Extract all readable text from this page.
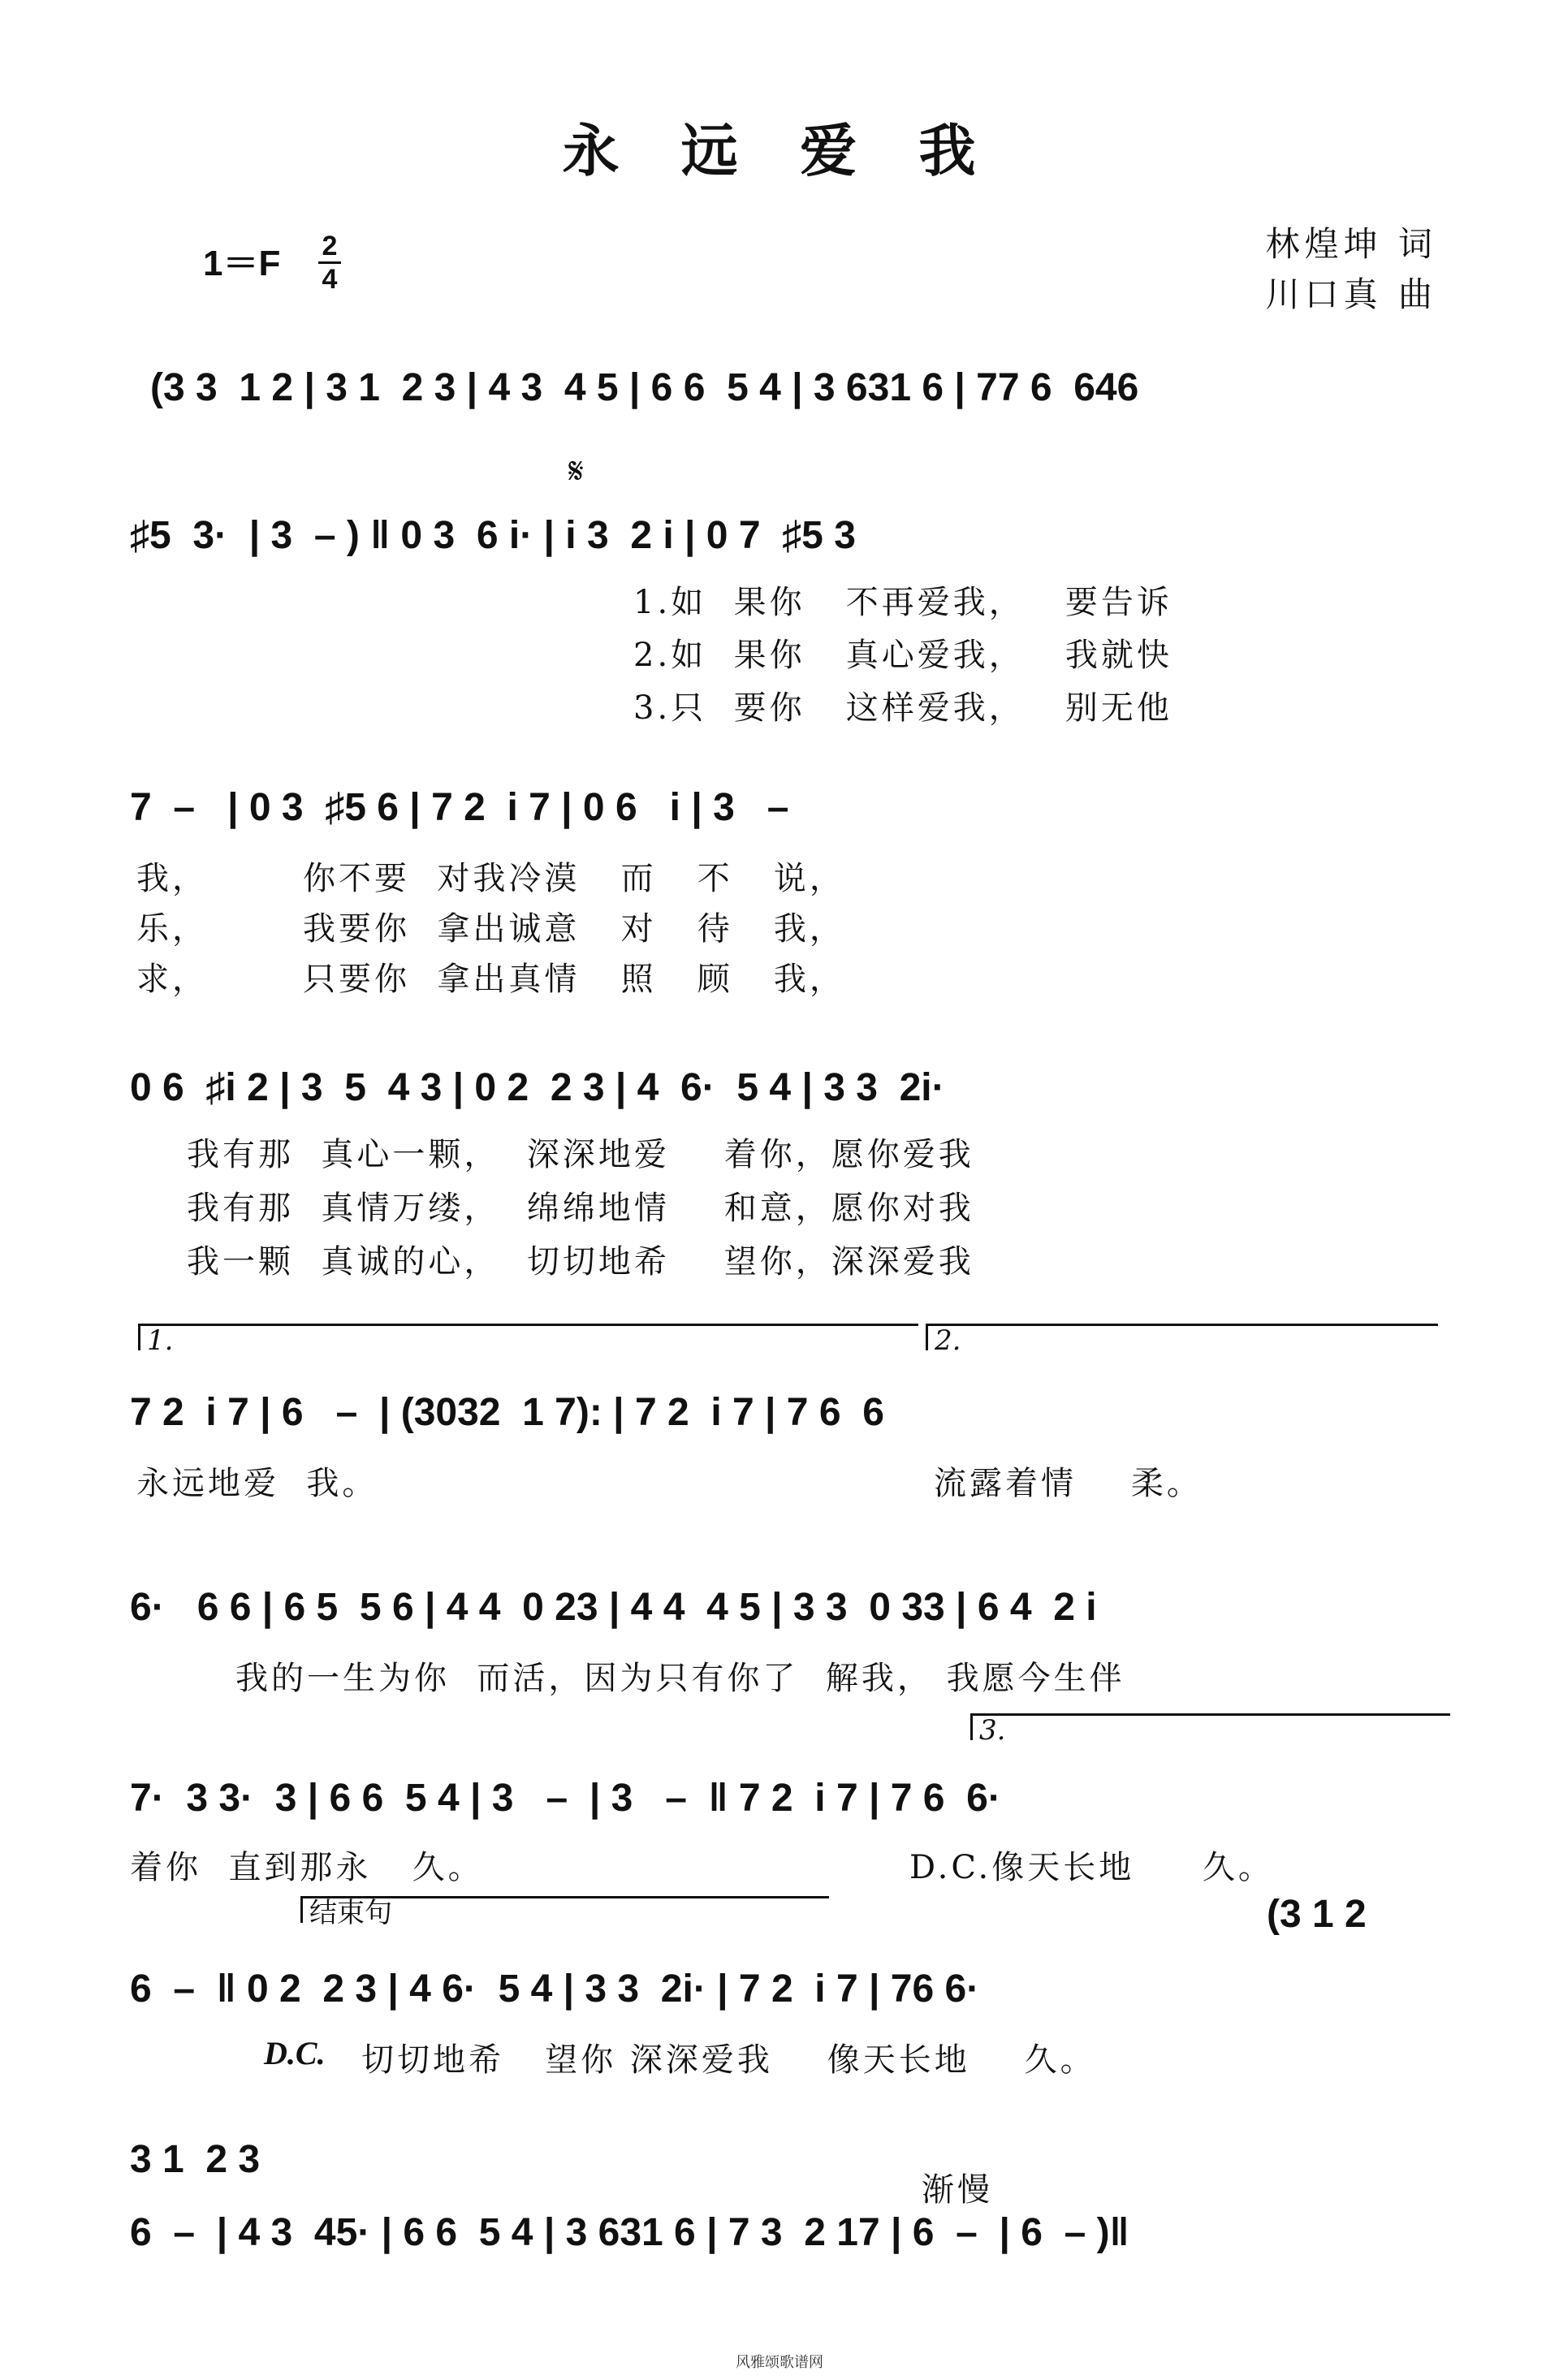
永 远 爱 我
1＝F 2
4
林煌坤 词
川口真 曲
(3 3  1 2 | 3 1  2 3 | 4 3  4 5 | 6 6  5 4 | 3 631 6 | 77 6  646
𝄋
♯5  3·  | 3  – ) ‖ 0 3  6 i· | i 3  2 i | 0 7  ♯5 3
1.如  果你   不再爱我，   要告诉
2.如  果你   真心爱我，   我就快
3.只  要你   这样爱我，   别无他
7  –   | 0 3  ♯5 6 | 7 2  i 7 | 0 6   i | 3   –
我，       你不要  对我冷漠   而   不   说，
乐，       我要你  拿出诚意   对   待   我，
求，       只要你  拿出真情   照   顾   我，
0 6  ♯i 2 | 3  5  4 3 | 0 2  2 3 | 4  6·  5 4 | 3 3  2i·
我有那  真心一颗，  深深地爱    着你，愿你爱我
我有那  真情万缕，  绵绵地情    和意，愿你对我
我一颗  真诚的心，  切切地希    望你，深深爱我
1.	2.
7 2  i 7 | 6   –  | (3032  1 7): | 7 2  i 7 | 7 6  6
永远地爱  我。	流露着情    柔。
6·   6 6 | 6 5  5 6 | 4 4  0 23 | 4 4  4 5 | 3 3  0 33 | 6 4  2 i
我的一生为你  而活，因为只有你了  解我， 我愿今生伴
3.
7·  3 3·  3 | 6 6  5 4 | 3   –  | 3   –  ‖ 7 2  i 7 | 7 6  6·
着你  直到那永   久。	D.C.像天长地     久。
结束句	(3 1 2
6  –  ‖ 0 2  2 3 | 4 6·  5 4 | 3 3  2i· | 7 2  i 7 | 76 6·
D.C. 切切地希   望你 深深爱我    像天长地    久。
3 1  2 3
渐慢
6  –  | 4 3  45· | 6 6  5 4 | 3 631 6 | 7 3  2 17 | 6  –  | 6  – )‖
风雅颂歌谱网
